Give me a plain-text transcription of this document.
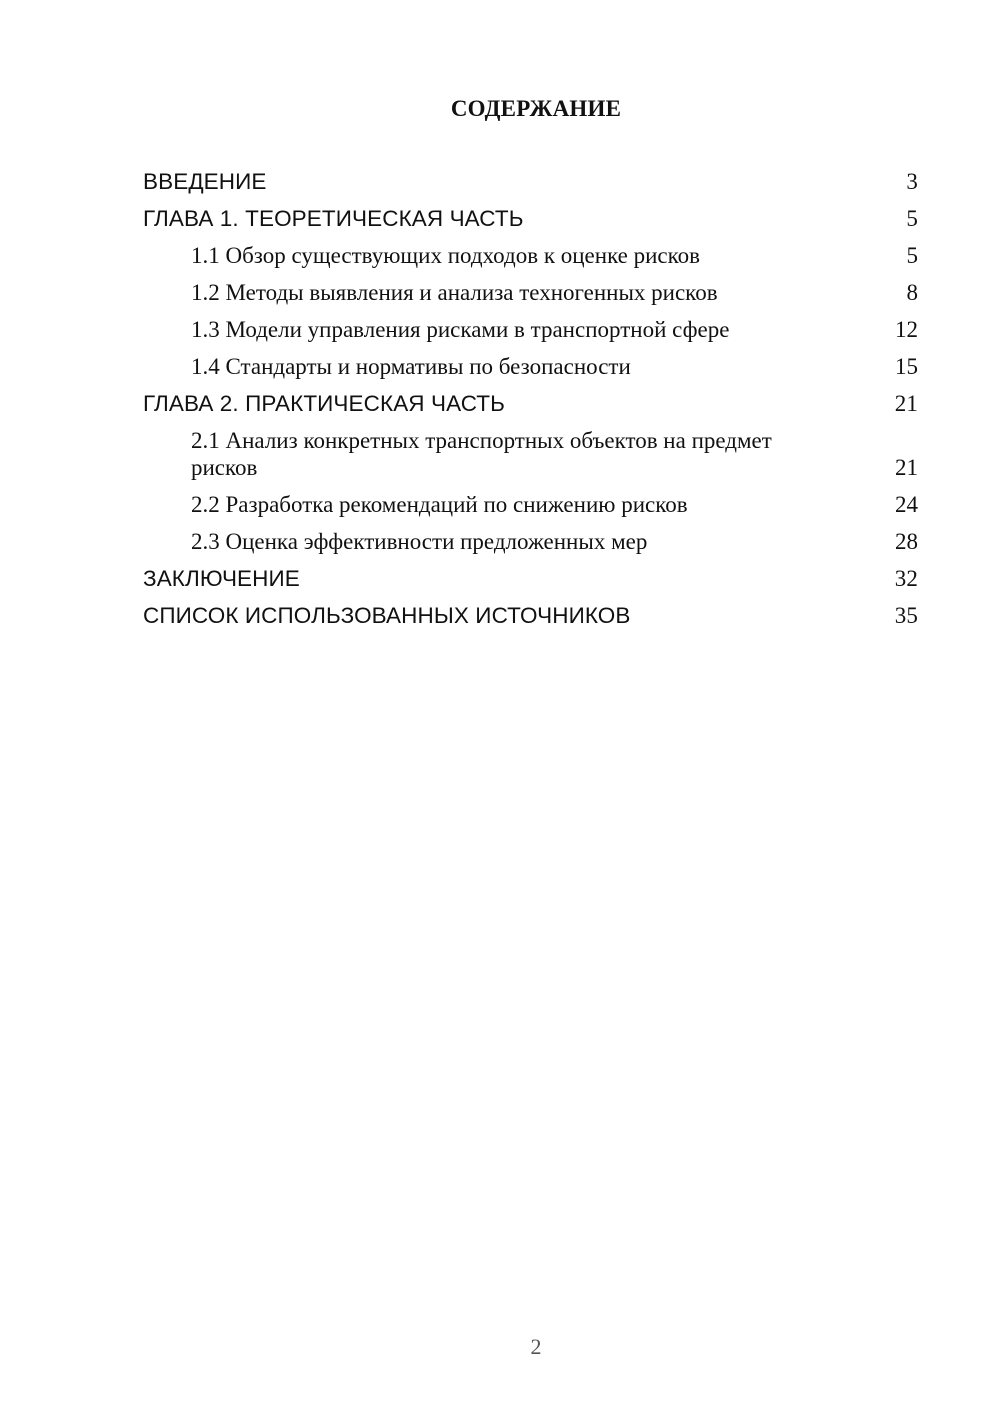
СОДЕРЖАНИЕ
ВВЕДЕНИЕ	3
ГЛАВА 1. ТЕОРЕТИЧЕСКАЯ ЧАСТЬ	5
1.1 Обзор существующих подходов к оценке рисков	5
1.2 Методы выявления и анализа техногенных рисков	8
1.3 Модели управления рисками в транспортной сфере	12
1.4 Стандарты и нормативы по безопасности	15
ГЛАВА 2. ПРАКТИЧЕСКАЯ ЧАСТЬ	21
2.1 Анализ конкретных транспортных объектов на предмет рисков	21
2.2 Разработка рекомендаций по снижению рисков	24
2.3 Оценка эффективности предложенных мер	28
ЗАКЛЮЧЕНИЕ	32
СПИСОК ИСПОЛЬЗОВАННЫХ ИСТОЧНИКОВ	35
2
